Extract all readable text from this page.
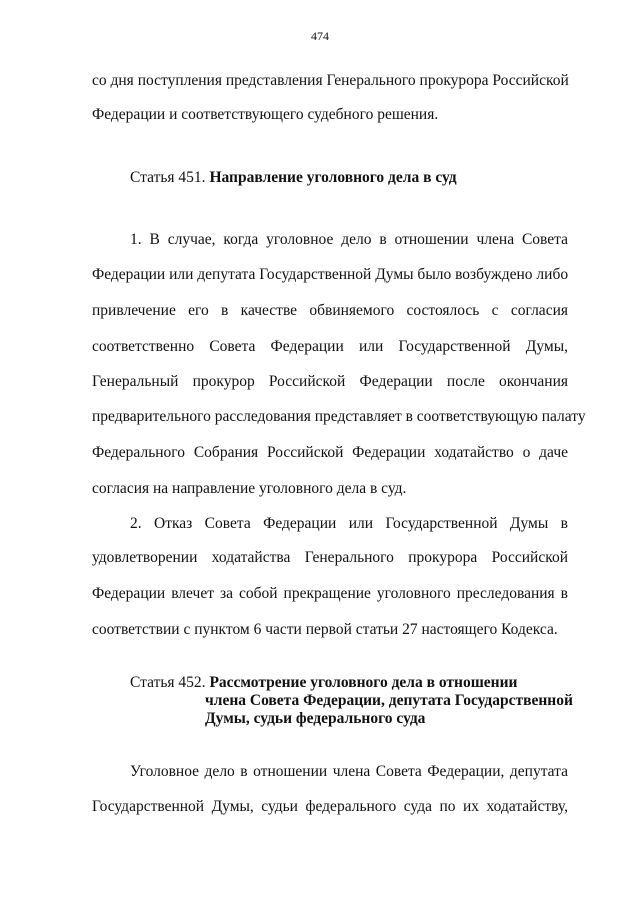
474
со дня поступления представления Генерального прокурора Российской
Федерации и соответствующего судебного решения.
Статья 451. Направление уголовного дела в суд
1. В случае, когда уголовное дело в отношении члена Совета
Федерации или депутата Государственной Думы было возбуждено либо
привлечение его в качестве обвиняемого состоялось с согласия
соответственно Совета Федерации или Государственной Думы,
Генеральный прокурор Российской Федерации после окончания
предварительного расследования представляет в соответствующую палату
Федерального Собрания Российской Федерации ходатайство о даче
согласия на направление уголовного дела в суд.
2. Отказ Совета Федерации или Государственной Думы в
удовлетворении ходатайства Генерального прокурора Российской
Федерации влечет за собой прекращение уголовного преследования в
соответствии с пунктом 6 части первой статьи 27 настоящего Кодекса.
Статья 452. Рассмотрение уголовного дела в отношении
члена Совета Федерации, депутата Государственной
Думы, судьи федерального суда
Уголовное дело в отношении члена Совета Федерации, депутата
Государственной Думы, судьи федерального суда по их ходатайству,
